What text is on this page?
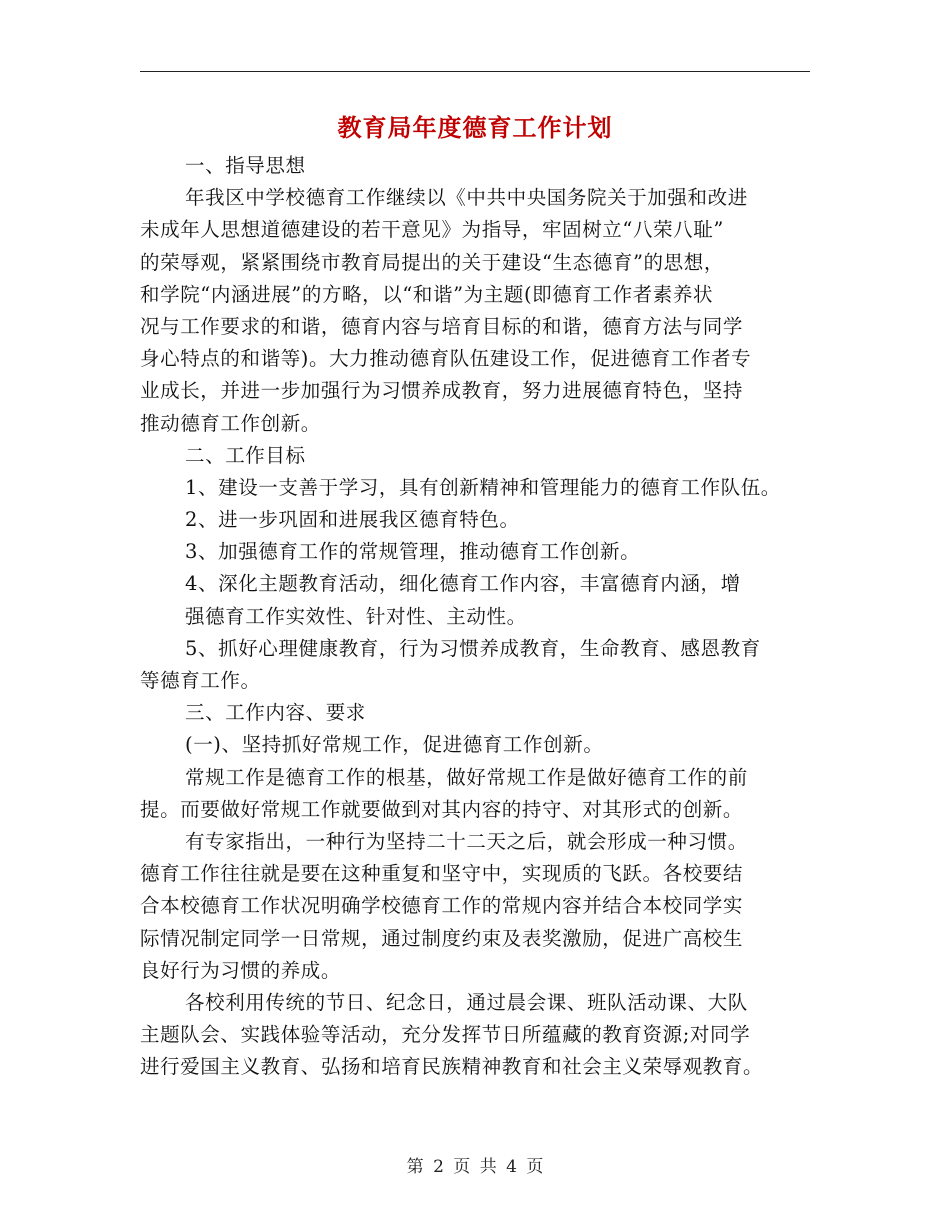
教育局年度德育工作计划
一、指导思想
年我区中学校德育工作继续以《中共中央国务院关于加强和改进
未成年人思想道德建设的若干意见》为指导，牢固树立“八荣八耻”
的荣辱观，紧紧围绕市教育局提出的关于建设“生态德育”的思想，
和学院“内涵进展”的方略，以“和谐”为主题(即德育工作者素养状
况与工作要求的和谐，德育内容与培育目标的和谐，德育方法与同学
身心特点的和谐等)。大力推动德育队伍建设工作，促进德育工作者专
业成长，并进一步加强行为习惯养成教育，努力进展德育特色，坚持
推动德育工作创新。
二、工作目标
1、建设一支善于学习，具有创新精神和管理能力的德育工作队伍。
2、进一步巩固和进展我区德育特色。
3、加强德育工作的常规管理，推动德育工作创新。
4、深化主题教育活动，细化德育工作内容，丰富德育内涵，增
强德育工作实效性、针对性、主动性。
5、抓好心理健康教育，行为习惯养成教育，生命教育、感恩教育
等德育工作。
三、工作内容、要求
(一)、坚持抓好常规工作，促进德育工作创新。
常规工作是德育工作的根基，做好常规工作是做好德育工作的前
提。而要做好常规工作就要做到对其内容的持守、对其形式的创新。
有专家指出，一种行为坚持二十二天之后，就会形成一种习惯。
德育工作往往就是要在这种重复和坚守中，实现质的飞跃。各校要结
合本校德育工作状况明确学校德育工作的常规内容并结合本校同学实
际情况制定同学一日常规，通过制度约束及表奖激励，促进广高校生
良好行为习惯的养成。
各校利用传统的节日、纪念日，通过晨会课、班队活动课、大队
主题队会、实践体验等活动，充分发挥节日所蕴藏的教育资源;对同学
进行爱国主义教育、弘扬和培育民族精神教育和社会主义荣辱观教育。
第 2 页 共 4 页
